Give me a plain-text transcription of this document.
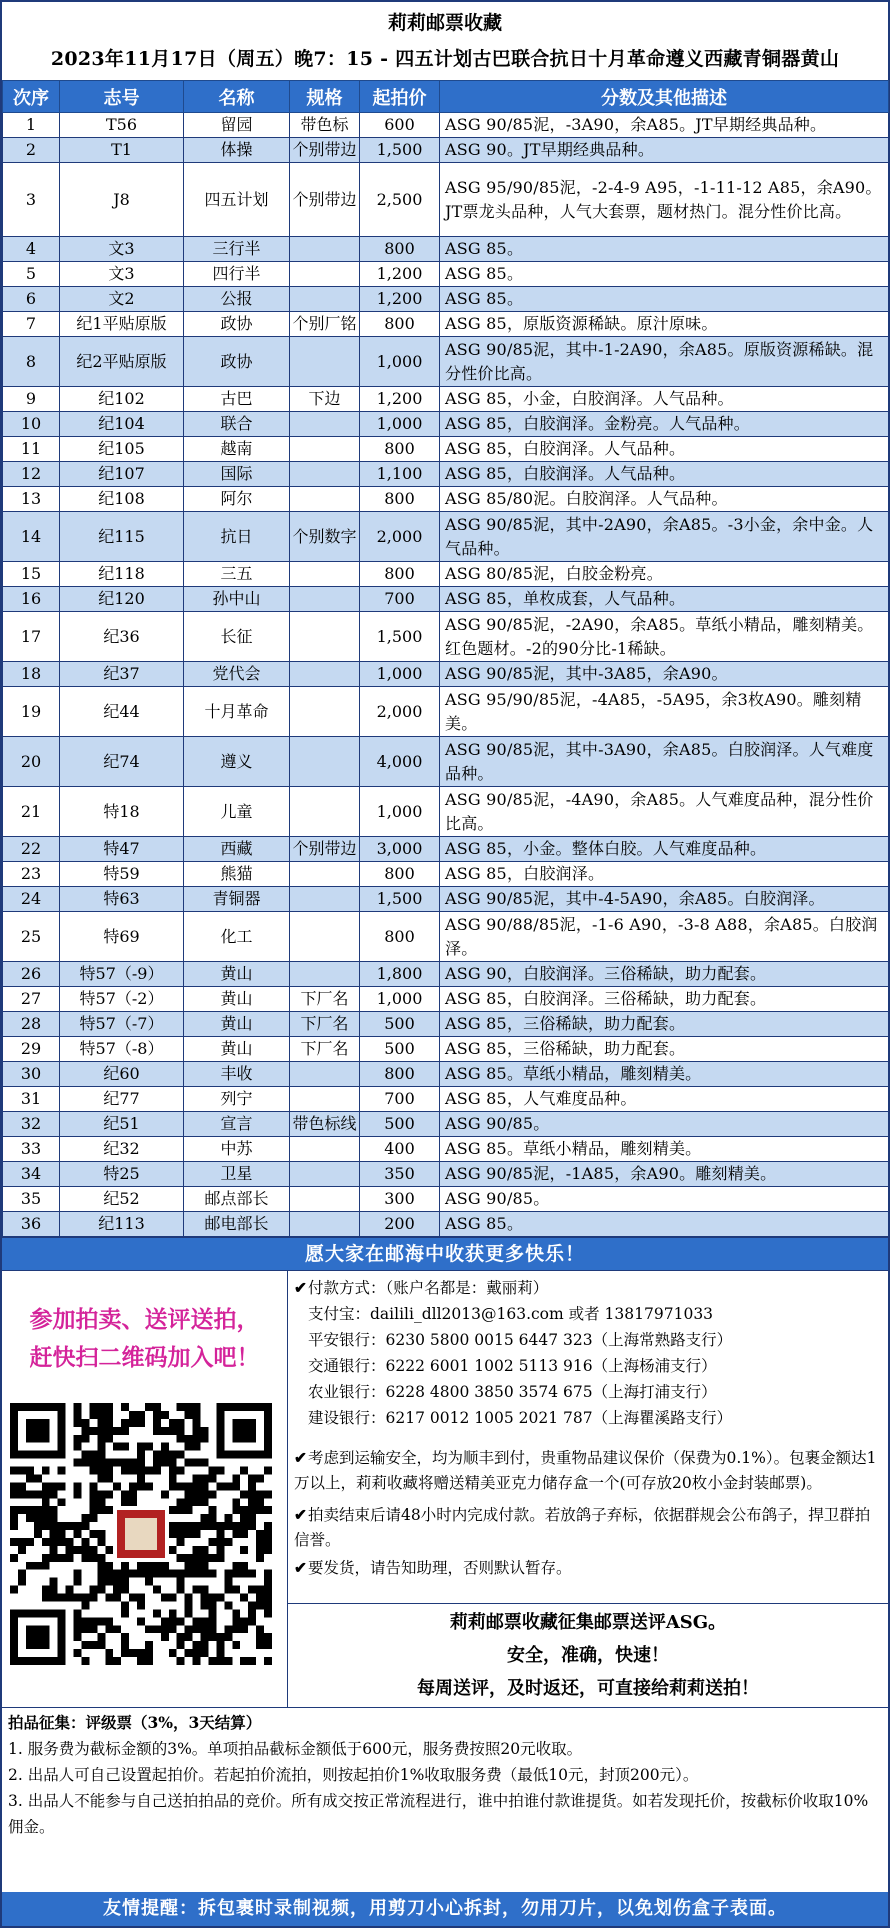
莉莉邮票收藏
2023年11月17日（周五）晚7：15 - 四五计划古巴联合抗日十月革命遵义西藏青铜器黄山
次序	志号	名称	规格	起拍价	分数及其他描述
1	T56	留园	带色标	600	ASG 90/85泥，-3A90，余A85。JT早期经典品种。
2	T1	体操	个别带边	1,500	ASG 90。JT早期经典品种。
3	J8	四五计划	个别带边	2,500	ASG 95/90/85泥，-2-4-9 A95，-1-11-12 A85，余A90。JT票龙头品种，人气大套票，题材热门。混分性价比高。
4	文3	三行半		800	ASG 85。
5	文3	四行半		1,200	ASG 85。
6	文2	公报		1,200	ASG 85。
7	纪1平贴原版	政协	个别厂铭	800	ASG 85，原版资源稀缺。原汁原味。
8	纪2平贴原版	政协		1,000	ASG 90/85泥，其中-1-2A90，余A85。原版资源稀缺。混分性价比高。
9	纪102	古巴	下边	1,200	ASG 85，小金，白胶润泽。人气品种。
10	纪104	联合		1,000	ASG 85，白胶润泽。金粉亮。人气品种。
11	纪105	越南		800	ASG 85，白胶润泽。人气品种。
12	纪107	国际		1,100	ASG 85，白胶润泽。人气品种。
13	纪108	阿尔		800	ASG 85/80泥。白胶润泽。人气品种。
14	纪115	抗日	个别数字	2,000	ASG 90/85泥，其中-2A90，余A85。-3小金，余中金。人气品种。
15	纪118	三五		800	ASG 80/85泥，白胶金粉亮。
16	纪120	孙中山		700	ASG 85，单枚成套，人气品种。
17	纪36	长征		1,500	ASG 90/85泥，-2A90，余A85。草纸小精品，雕刻精美。红色题材。-2的90分比-1稀缺。
18	纪37	党代会		1,000	ASG 90/85泥，其中-3A85，余A90。
19	纪44	十月革命		2,000	ASG 95/90/85泥，-4A85，-5A95，余3枚A90。雕刻精美。
20	纪74	遵义		4,000	ASG 90/85泥，其中-3A90，余A85。白胶润泽。人气难度品种。
21	特18	儿童		1,000	ASG 90/85泥，-4A90，余A85。人气难度品种，混分性价比高。
22	特47	西藏	个别带边	3,000	ASG 85，小金。整体白胶。人气难度品种。
23	特59	熊猫		800	ASG 85，白胶润泽。
24	特63	青铜器		1,500	ASG 90/85泥，其中-4-5A90，余A85。白胶润泽。
25	特69	化工		800	ASG 90/88/85泥，-1-6 A90，-3-8 A88，余A85。白胶润泽。
26	特57（-9）	黄山		1,800	ASG 90，白胶润泽。三俗稀缺，助力配套。
27	特57（-2）	黄山	下厂名	1,000	ASG 85，白胶润泽。三俗稀缺，助力配套。
28	特57（-7）	黄山	下厂名	500	ASG 85，三俗稀缺，助力配套。
29	特57（-8）	黄山	下厂名	500	ASG 85，三俗稀缺，助力配套。
30	纪60	丰收		800	ASG 85。草纸小精品，雕刻精美。
31	纪77	列宁		700	ASG 85，人气难度品种。
32	纪51	宣言	带色标线	500	ASG 90/85。
33	纪32	中苏		400	ASG 85。草纸小精品，雕刻精美。
34	特25	卫星		350	ASG 90/85泥，-1A85，余A90。雕刻精美。
35	纪52	邮点部长		300	ASG 90/85。
36	纪113	邮电部长		200	ASG 85。
愿大家在邮海中收获更多快乐！
参加拍卖、送评送拍，
赶快扫二维码加入吧！
✔付款方式：（账户名都是：戴丽莉）
支付宝：dailili_dll2013@163.com 或者 13817971033
平安银行：6230 5800 0015 6447 323（上海常熟路支行）
交通银行：6222 6001 1002 5113 916（上海杨浦支行）
农业银行：6228 4800 3850 3574 675（上海打浦支行）
建设银行：6217 0012 1005 2021 787（上海瞿溪路支行）
✔考虑到运输安全，均为顺丰到付，贵重物品建议保价（保费为0.1%）。包裹金额达1万以上，莉莉收藏将赠送精美亚克力储存盒一个(可存放20枚小金封装邮票)。
✔拍卖结束后请48小时内完成付款。若放鸽子弃标，依据群规会公布鸽子，捍卫群拍信誉。
✔要发货，请告知助理，否则默认暂存。
莉莉邮票收藏征集邮票送评ASG。
安全，准确，快速！
每周送评，及时返还，可直接给莉莉送拍！
拍品征集：评级票（3%，3天结算）
1. 服务费为截标金额的3%。单项拍品截标金额低于600元，服务费按照20元收取。
2. 出品人可自己设置起拍价。若起拍价流拍，则按起拍价1%收取服务费（最低10元，封顶200元）。
3. 出品人不能参与自己送拍拍品的竞价。所有成交按正常流程进行，谁中拍谁付款谁提货。如若发现托价，按截标价收取10%佣金。
友情提醒：拆包裹时录制视频，用剪刀小心拆封，勿用刀片，以免划伤盒子表面。
